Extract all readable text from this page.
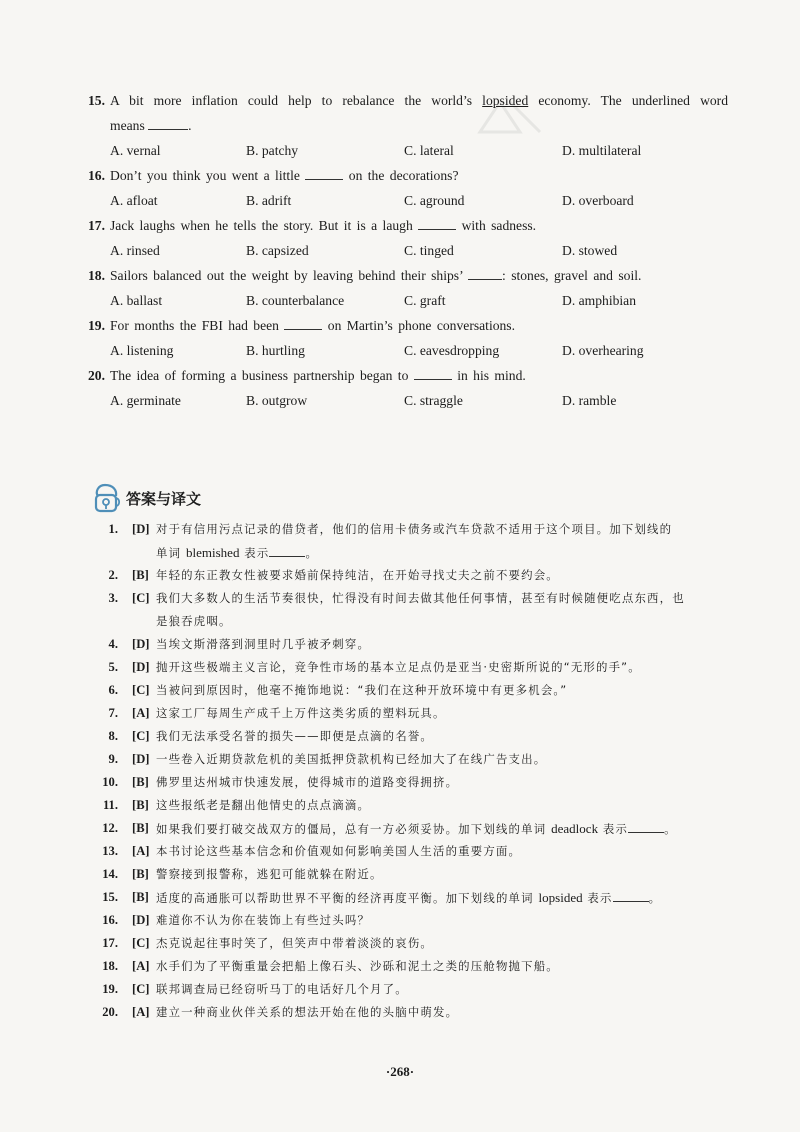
15. A bit more inflation could help to rebalance the world’s lopsided economy. The underlined word
means	.
A. vernal	B. patchy	C. lateral	D. multilateral
16. Don’t you think you went a little	on the decorations?
A. afloat	B. adrift	C. aground	D. overboard
17. Jack laughs when he tells the story. But it is a laugh	with sadness.
A. rinsed	B. capsized	C. tinged	D. stowed
18. Sailors balanced out the weight by leaving behind their ships’	: stones, gravel and soil.
A. ballast	B. counterbalance	C. graft	D. amphibian
19. For months the FBI had been	on Martin’s phone conversations.
A. listening	B. hurtling	C. eavesdropping	D. overhearing
20. The idea of forming a business partnership began to	in his mind.
A. germinate	B. outgrow	C. straggle	D. ramble
答案与译文
1. [D] 对于有信用污点记录的借贷者，他们的信用卡债务或汽车贷款不适用于这个项目。加下划线的
单词 blemished 表示	。
2. [B] 年轻的东正教女性被要求婚前保持纯洁，在开始寻找丈夫之前不要约会。
3. [C] 我们大多数人的生活节奏很快，忙得没有时间去做其他任何事情，甚至有时候随便吃点东西，也
是狼吞虎咽。
4. [D] 当埃文斯滑落到洞里时几乎被矛刺穿。
5. [D] 抛开这些极端主义言论，竞争性市场的基本立足点仍是亚当·史密斯所说的“无形的手”。
6. [C] 当被问到原因时，他毫不掩饰地说：“我们在这种开放环境中有更多机会。”
7. [A] 这家工厂每周生产成千上万件这类劣质的塑料玩具。
8. [C] 我们无法承受名誉的损失——即便是点滴的名誉。
9. [D] 一些卷入近期贷款危机的美国抵押贷款机构已经加大了在线广告支出。
10. [B] 佛罗里达州城市快速发展，使得城市的道路变得拥挤。
11. [B] 这些报纸老是翻出他情史的点点滴滴。
12. [B] 如果我们要打破交战双方的僵局，总有一方必须妥协。加下划线的单词 deadlock 表示	。
13. [A] 本书讨论这些基本信念和价值观如何影响美国人生活的重要方面。
14. [B] 警察接到报警称，逃犯可能就躲在附近。
15. [B] 适度的高通胀可以帮助世界不平衡的经济再度平衡。加下划线的单词 lopsided 表示	。
16. [D] 难道你不认为你在装饰上有些过头吗？
17. [C] 杰克说起往事时笑了，但笑声中带着淡淡的哀伤。
18. [A] 水手们为了平衡重量会把船上像石头、沙砾和泥土之类的压舱物抛下船。
19. [C] 联邦调查局已经窃听马丁的电话好几个月了。
20. [A] 建立一种商业伙伴关系的想法开始在他的头脑中萌发。
·268·
